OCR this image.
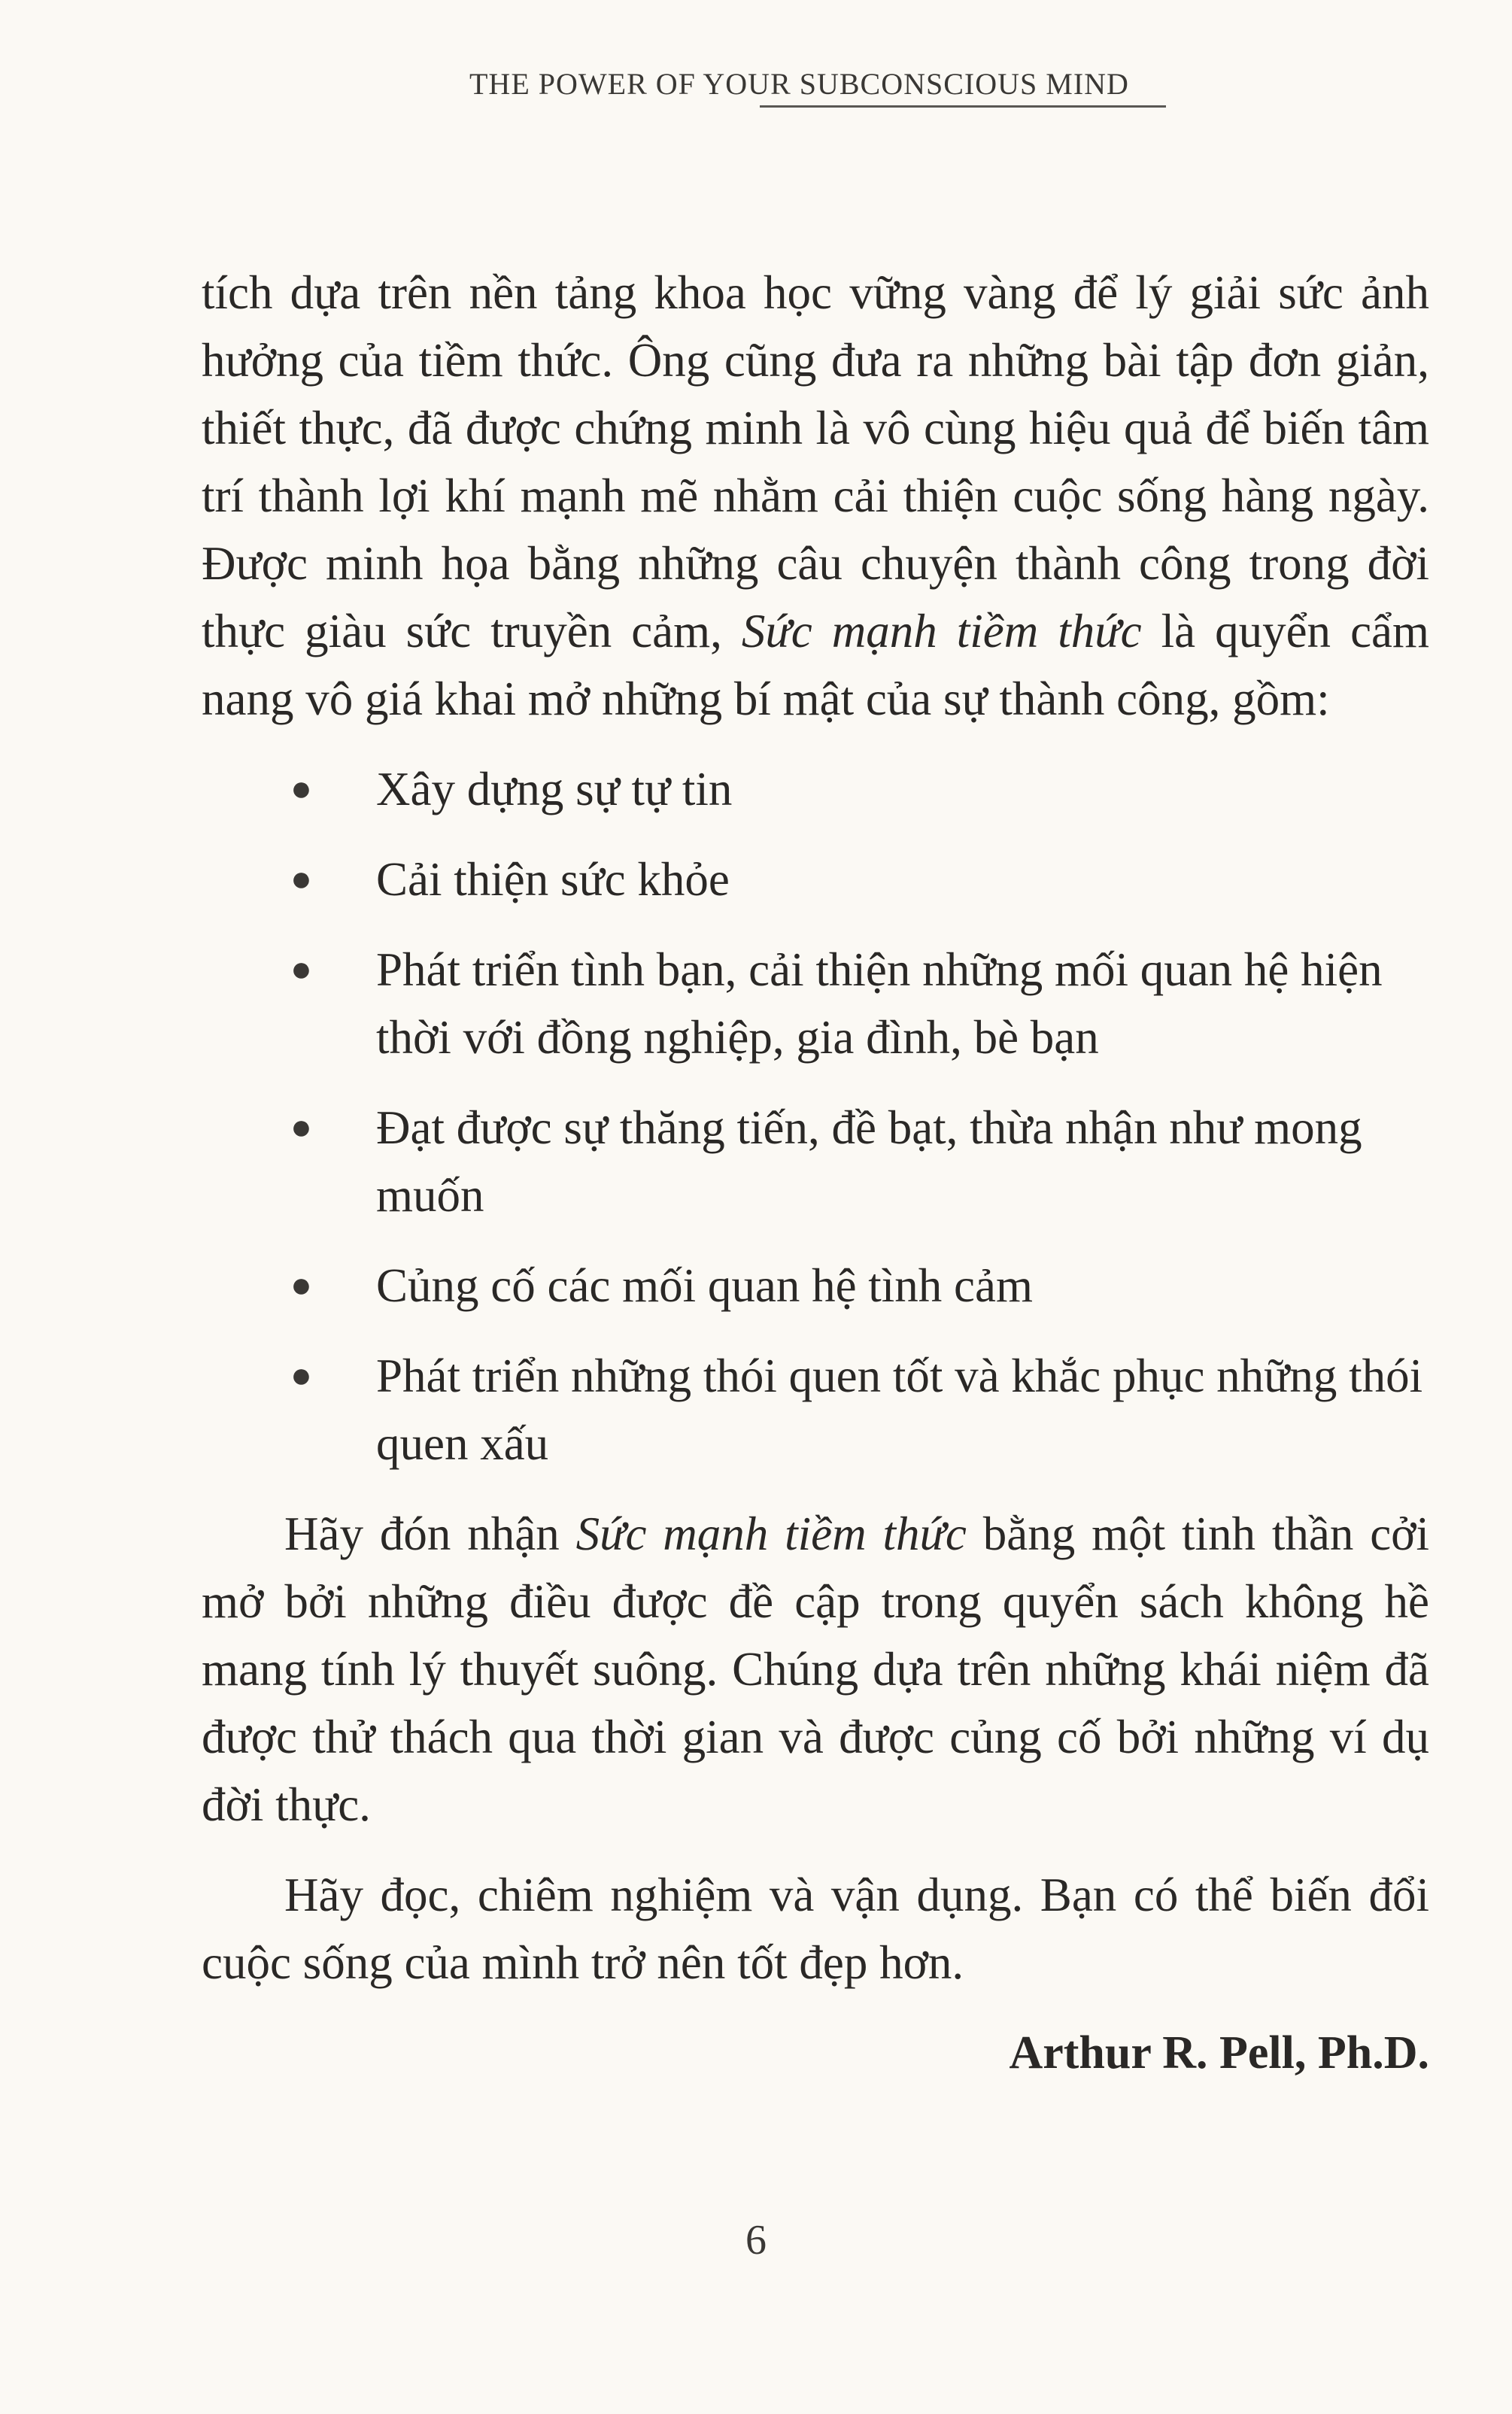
THE POWER OF YOUR SUBCONSCIOUS MIND

tích dựa trên nền tảng khoa học vững vàng để lý giải sức ảnh hưởng của tiềm thức. Ông cũng đưa ra những bài tập đơn giản, thiết thực, đã được chứng minh là vô cùng hiệu quả để biến tâm trí thành lợi khí mạnh mẽ nhằm cải thiện cuộc sống hàng ngày. Được minh họa bằng những câu chuyện thành công trong đời thực giàu sức truyền cảm, Sức mạnh tiềm thức là quyển cẩm nang vô giá khai mở những bí mật của sự thành công, gồm:

● Xây dựng sự tự tin
● Cải thiện sức khỏe
● Phát triển tình bạn, cải thiện những mối quan hệ hiện thời với đồng nghiệp, gia đình, bè bạn
● Đạt được sự thăng tiến, đề bạt, thừa nhận như mong muốn
● Củng cố các mối quan hệ tình cảm
● Phát triển những thói quen tốt và khắc phục những thói quen xấu

Hãy đón nhận Sức mạnh tiềm thức bằng một tinh thần cởi mở bởi những điều được đề cập trong quyển sách không hề mang tính lý thuyết suông. Chúng dựa trên những khái niệm đã được thử thách qua thời gian và được củng cố bởi những ví dụ đời thực.

Hãy đọc, chiêm nghiệm và vận dụng. Bạn có thể biến đổi cuộc sống của mình trở nên tốt đẹp hơn.

Arthur R. Pell, Ph.D.

6
